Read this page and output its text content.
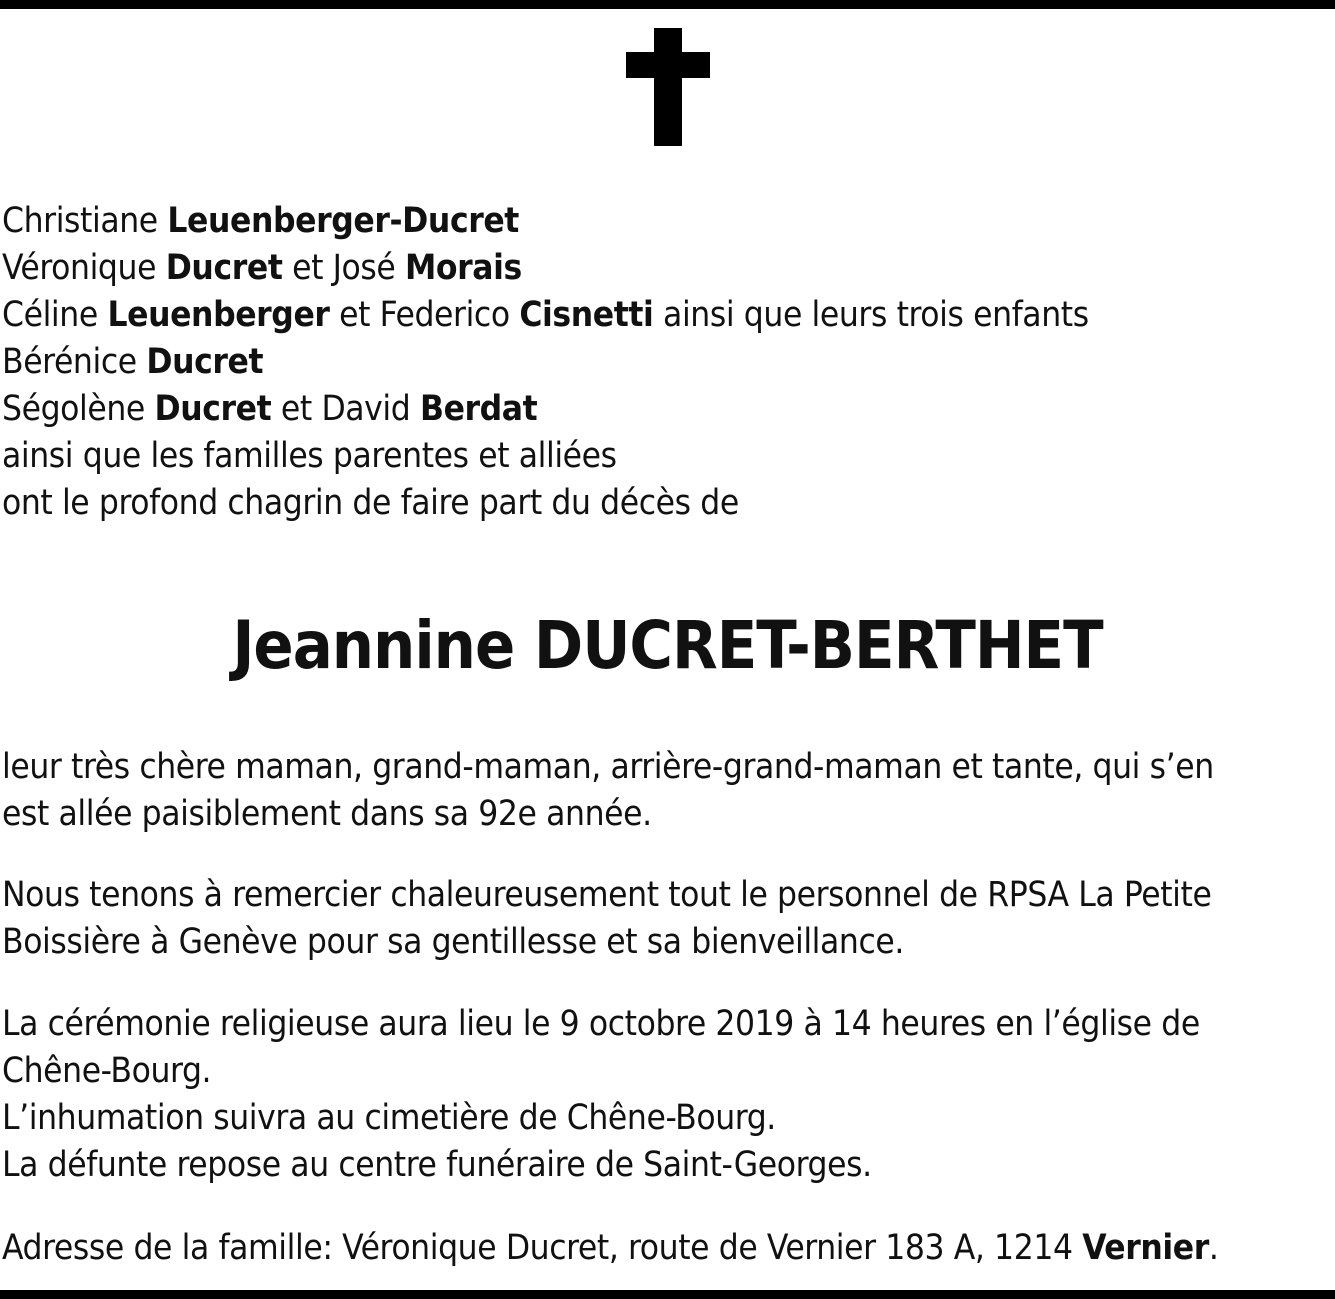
Christiane Leuenberger-Ducret
Véronique Ducret et José Morais
Céline Leuenberger et Federico Cisnetti ainsi que leurs trois enfants
Bérénice Ducret
Ségolène Ducret et David Berdat
ainsi que les familles parentes et alliées
ont le profond chagrin de faire part du décès de
Jeannine DUCRET-BERTHET
leur très chère maman, grand-maman, arrière-grand-maman et tante, qui s’en
est allée paisiblement dans sa 92e année.
Nous tenons à remercier chaleureusement tout le personnel de RPSA La Petite
Boissière à Genève pour sa gentillesse et sa bienveillance.
La cérémonie religieuse aura lieu le 9 octobre 2019 à 14 heures en l’église de
Chêne-Bourg.
L’inhumation suivra au cimetière de Chêne-Bourg.
La défunte repose au centre funéraire de Saint-Georges.
Adresse de la famille: Véronique Ducret, route de Vernier 183 A, 1214 Vernier.
